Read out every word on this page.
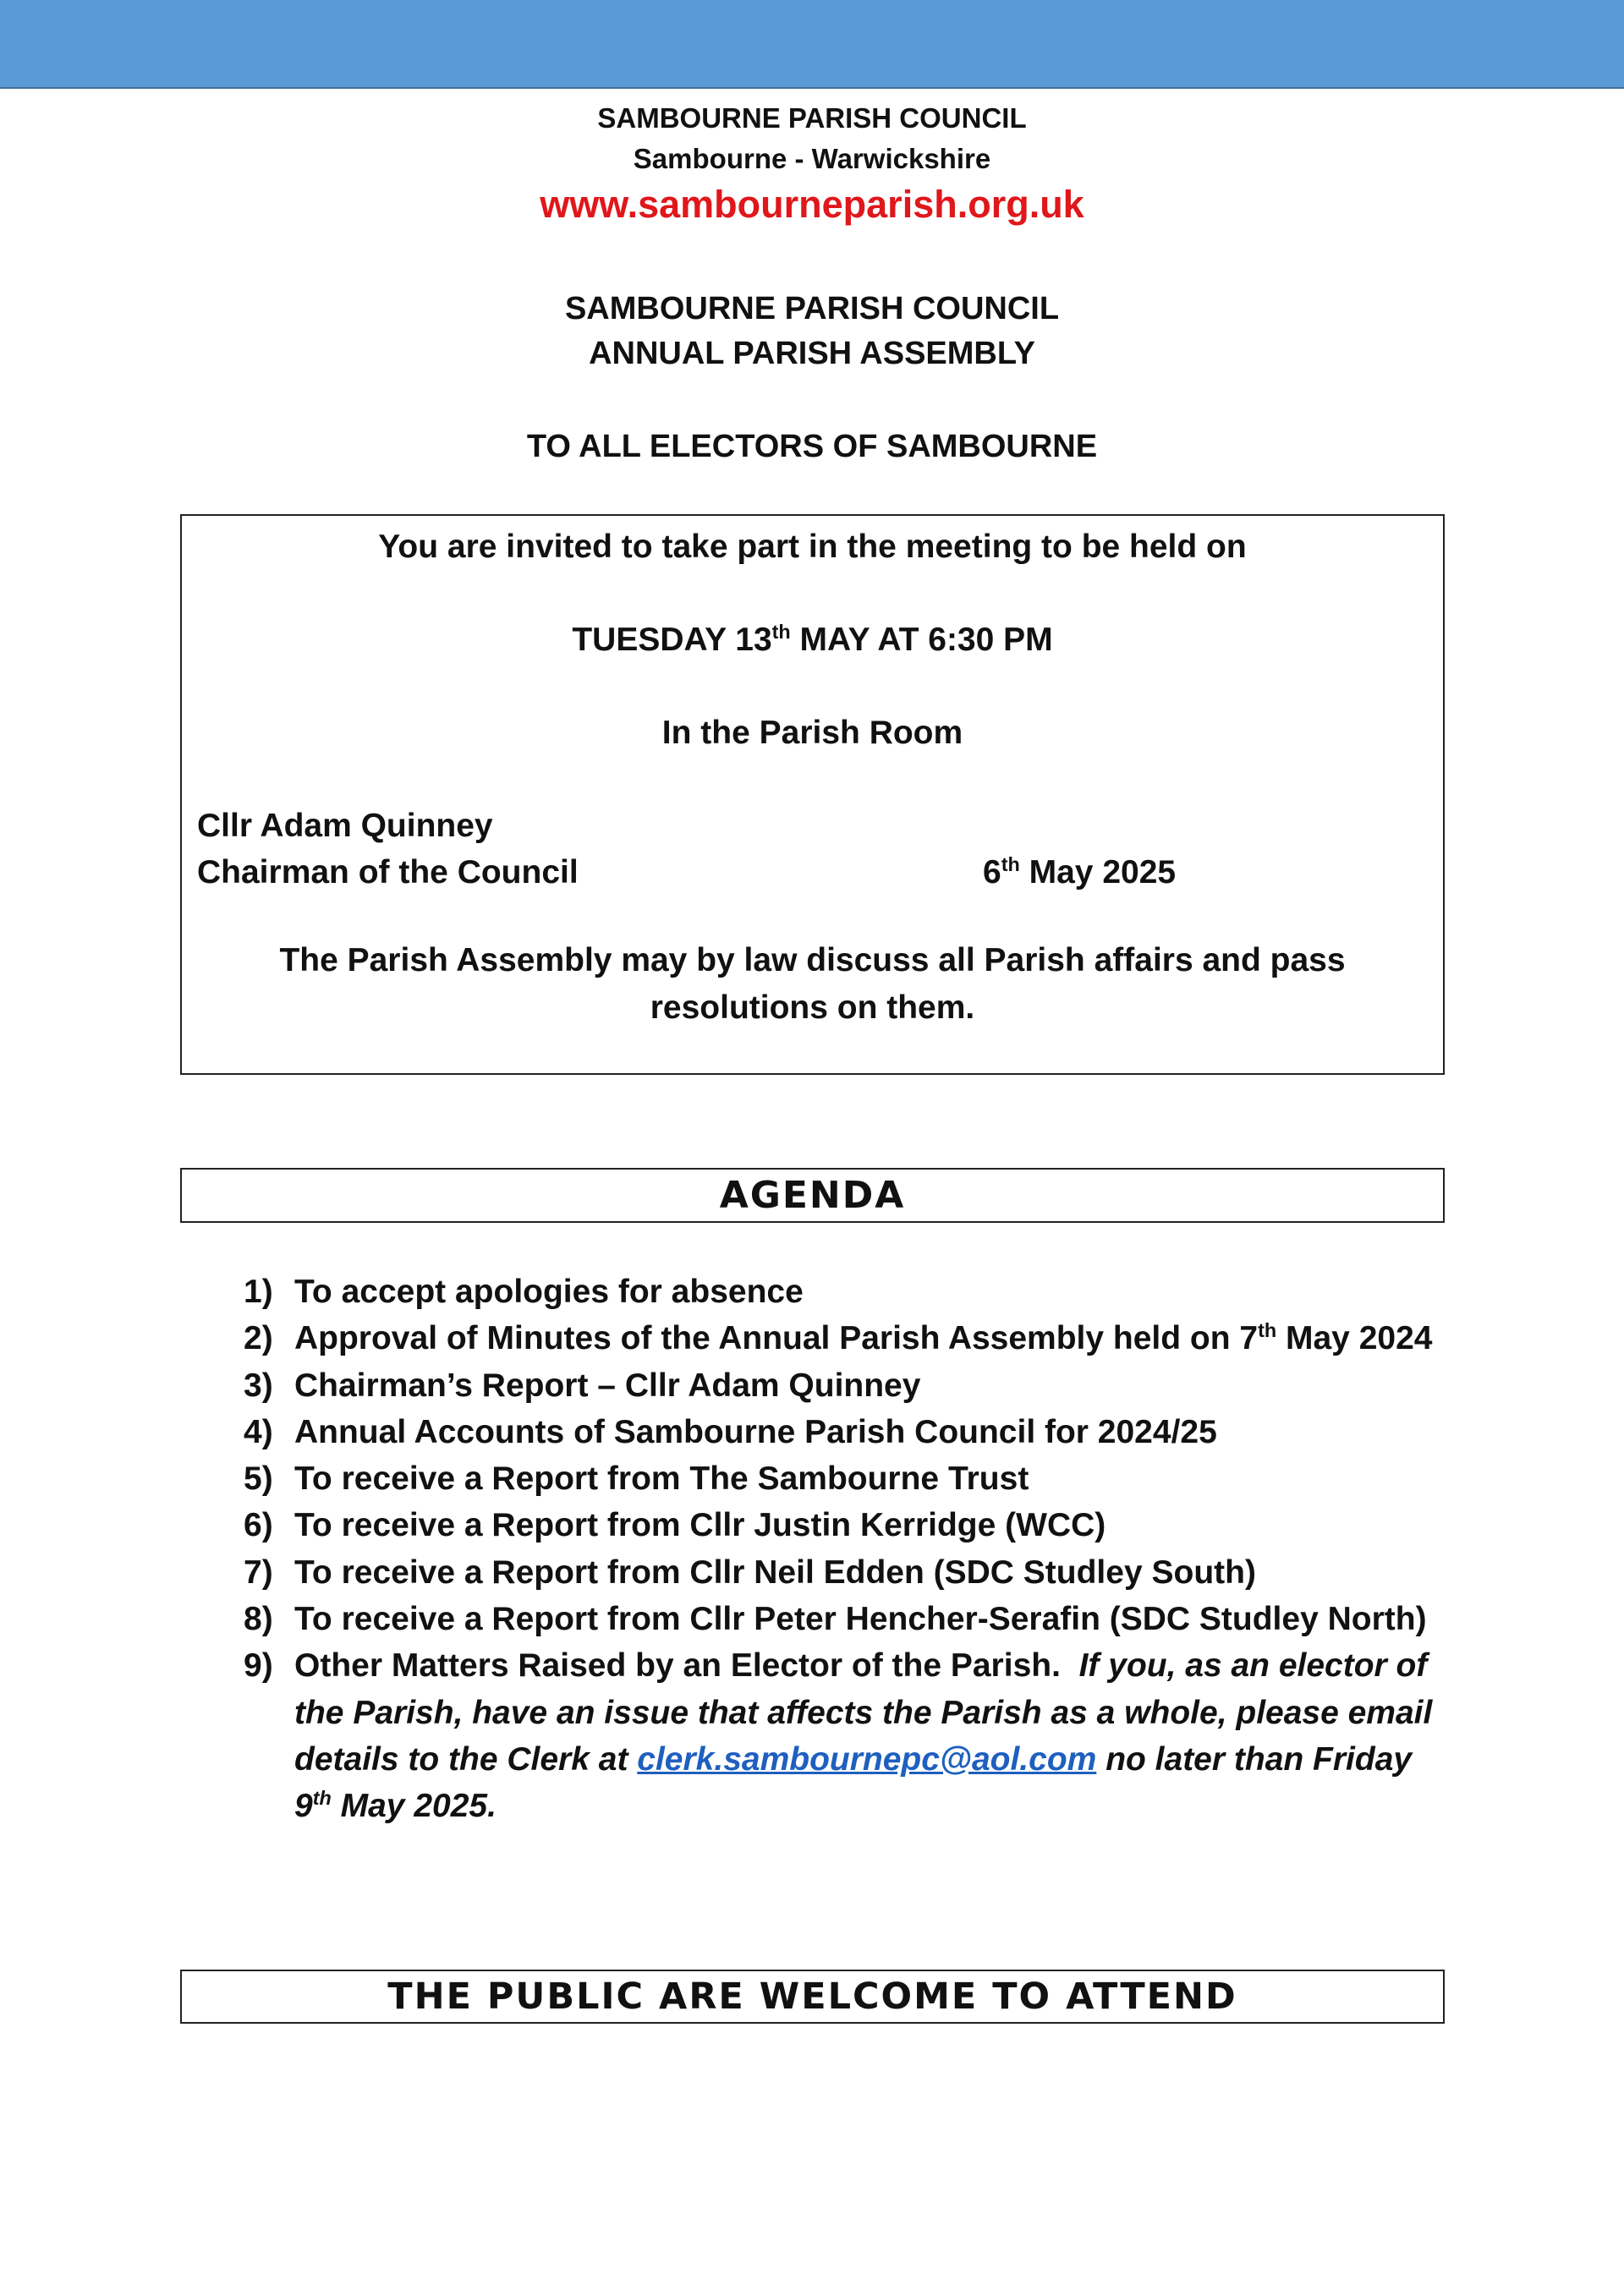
SAMBOURNE PARISH COUNCIL
Sambourne - Warwickshire
www.sambourneparish.org.uk
SAMBOURNE PARISH COUNCIL
ANNUAL PARISH ASSEMBLY
TO ALL ELECTORS OF SAMBOURNE
You are invited to take part in the meeting to be held on
TUESDAY 13th MAY AT 6:30 PM
In the Parish Room
Cllr Adam Quinney
Chairman of the Council	6th May 2025
The Parish Assembly may by law discuss all Parish affairs and pass resolutions on them.
AGENDA
1) To accept apologies for absence
2) Approval of Minutes of the Annual Parish Assembly held on 7th May 2024
3) Chairman’s Report – Cllr Adam Quinney
4) Annual Accounts of Sambourne Parish Council for 2024/25
5) To receive a Report from The Sambourne Trust
6) To receive a Report from Cllr Justin Kerridge (WCC)
7) To receive a Report from Cllr Neil Edden (SDC Studley South)
8) To receive a Report from Cllr Peter Hencher-Serafin (SDC Studley North)
9) Other Matters Raised by an Elector of the Parish. If you, as an elector of the Parish, have an issue that affects the Parish as a whole, please email details to the Clerk at clerk.sambournepc@aol.com no later than Friday 9th May 2025.
THE PUBLIC ARE WELCOME TO ATTEND
